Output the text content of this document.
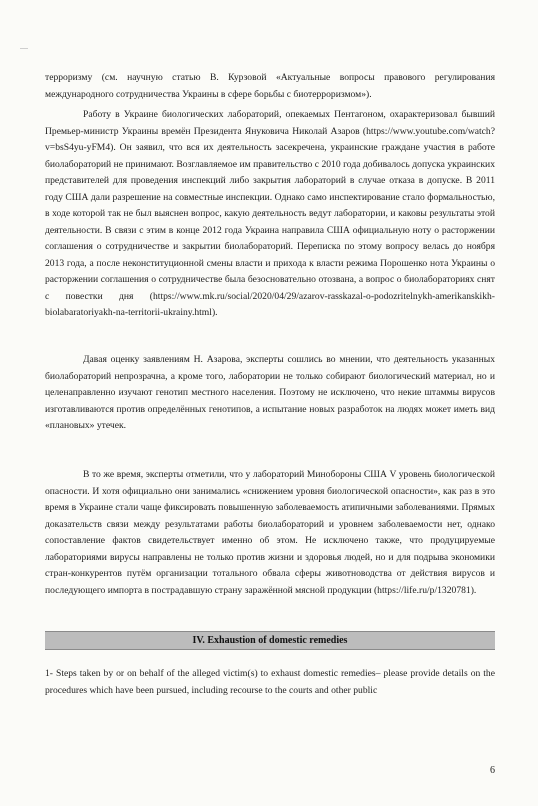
терроризму (см. научную статью В. Курзовой «Актуальные вопросы правового регулирования международного сотрудничества Украины в сфере борьбы с биотерроризмом»).

Работу в Украине биологических лабораторий, опекаемых Пентагоном, охарактеризовал бывший Премьер-министр Украины времён Президента Януковича Николай Азаров (https://www.youtube.com/watch?v=bsS4yu-yFM4). Он заявил, что вся их деятельность засекречена, украинские граждане участия в работе биолабораторий не принимают. Возглавляемое им правительство с 2010 года добивалось допуска украинских представителей для проведения инспекций либо закрытия лабораторий в случае отказа в допуске. В 2011 году США дали разрешение на совместные инспекции. Однако само инспектирование стало формальностью, в ходе которой так не был выяснен вопрос, какую деятельность ведут лаборатории, и каковы результаты этой деятельности. В связи с этим в конце 2012 года Украина направила США официальную ноту о расторжении соглашения о сотрудничестве и закрытии биолабораторий. Переписка по этому вопросу велась до ноября 2013 года, а после неконституционной смены власти и прихода к власти режима Порошенко нота Украины о расторжении соглашения о сотрудничестве была безосновательно отозвана, а вопрос о биолабораториях снят с повестки дня (https://www.mk.ru/social/2020/04/29/azarov-rasskazal-o-podozritelnykh-amerikanskikh-biolabaratoriyakh-na-territorii-ukrainy.html).

Давая оценку заявлениям Н. Азарова, эксперты сошлись во мнении, что деятельность указанных биолабораторий непрозрачна, а кроме того, лаборатории не только собирают биологический материал, но и целенаправленно изучают генотип местного населения. Поэтому не исключено, что некие штаммы вирусов изготавливаются против определённых генотипов, а испытание новых разработок на людях может иметь вид «плановых» утечек.

В то же время, эксперты отметили, что у лабораторий Минобороны США V уровень биологической опасности. И хотя официально они занимались «снижением уровня биологической опасности», как раз в это время в Украине стали чаще фиксировать повышенную заболеваемость атипичными заболеваниями. Прямых доказательств связи между результатами работы биолабораторий и уровнем заболеваемости нет, однако сопоставление фактов свидетельствует именно об этом. Не исключено также, что продуцируемые лабораториями вирусы направлены не только против жизни и здоровья людей, но и для подрыва экономики стран-конкурентов путём организации тотального обвала сферы животноводства от действия вирусов и последующего импорта в пострадавшую страну заражённой мясной продукции (https://life.ru/p/1320781).

IV. Exhaustion of domestic remedies

1- Steps taken by or on behalf of the alleged victim(s) to exhaust domestic remedies– please provide details on the procedures which have been pursued, including recourse to the courts and other public

6
